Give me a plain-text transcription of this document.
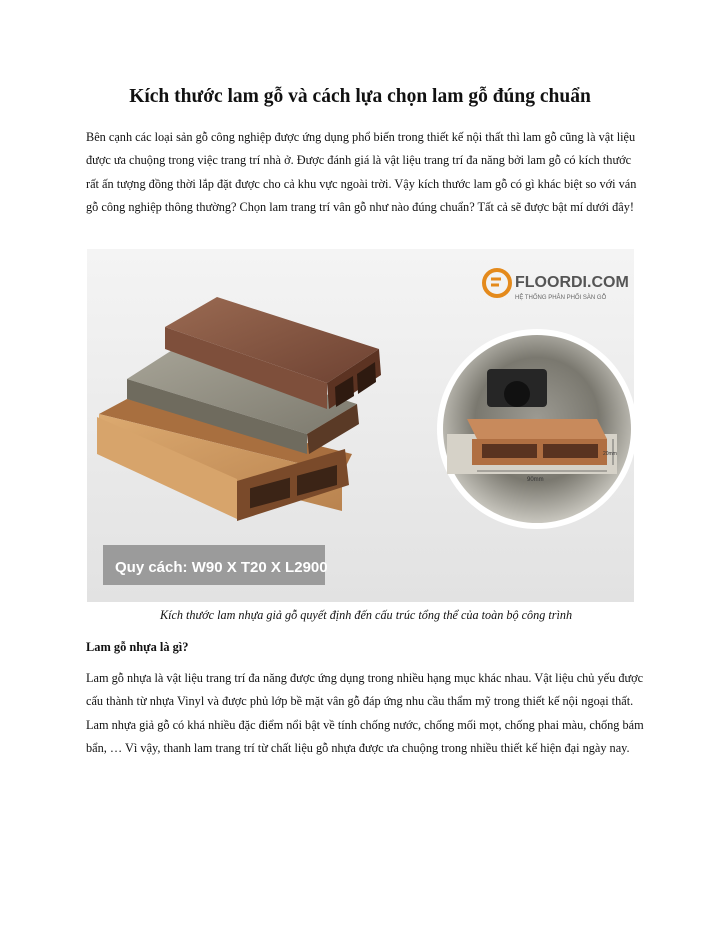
Kích thước lam gỗ và cách lựa chọn lam gỗ đúng chuẩn

Bên cạnh các loại sản gỗ công nghiệp được ứng dụng phổ biến trong thiết kế nội thất thì lam gỗ cũng là vật liệu được ưa chuộng trong việc trang trí nhà ở. Được đánh giá là vật liệu trang trí đa năng bởi lam gỗ có kích thước rất ấn tượng đồng thời lắp đặt được cho cả khu vực ngoài trời. Vậy kích thước lam gỗ có gì khác biệt so với ván gỗ công nghiệp thông thường? Chọn lam trang trí vân gỗ như nào đúng chuẩn? Tất cả sẽ được bật mí dưới đây!

Quy cách: W90 X T20 X L2900
FLOORDI.COM
HỆ THỐNG PHÂN PHỐI SÀN GỖ
90mm
20mm
Kích thước lam nhựa giả gỗ quyết định đến cấu trúc tổng thể của toàn bộ công trình
Lam gỗ nhựa là gì?

Lam gỗ nhựa là vật liệu trang trí đa năng được ứng dụng trong nhiều hạng mục khác nhau. Vật liệu chủ yếu được cấu thành từ nhựa Vinyl và được phủ lớp bề mặt vân gỗ đáp ứng nhu cầu thẩm mỹ trong thiết kế nội ngoại thất. Lam nhựa giả gỗ có khá nhiều đặc điểm nổi bật về tính chống nước, chống mối mọt, chống phai màu, chống bám bẩn, … Vì vậy, thanh lam trang trí từ chất liệu gỗ nhựa được ưa chuộng trong nhiều thiết kế hiện đại ngày nay.
